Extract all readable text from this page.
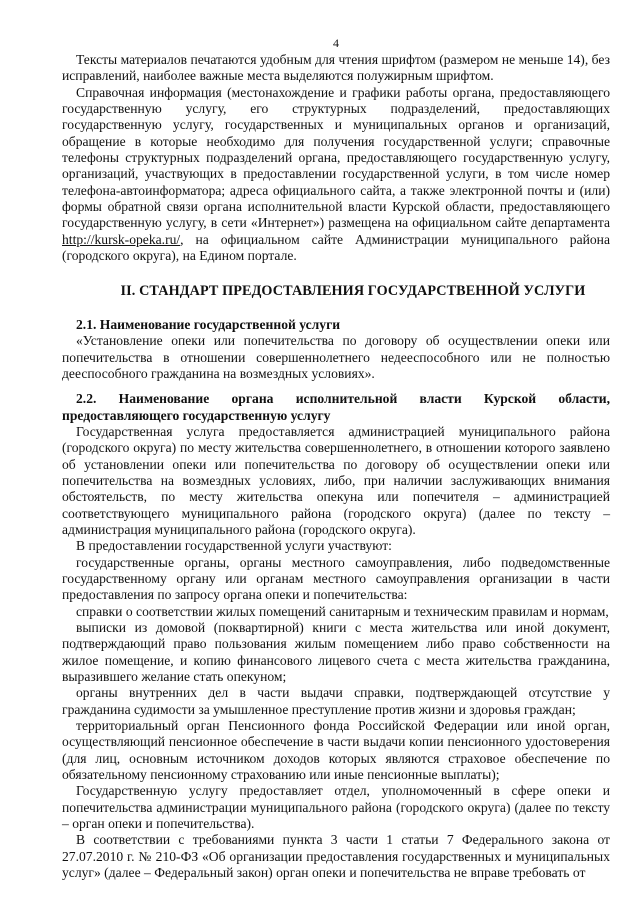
4

Тексты материалов печатаются удобным для чтения шрифтом (размером не меньше 14), без исправлений, наиболее важные места выделяются полужирным шрифтом.

Справочная информация (местонахождение и графики работы органа, предоставляющего государственную услугу, его структурных подразделений, предоставляющих государственную услугу, государственных и муниципальных органов и организаций, обращение в которые необходимо для получения государственной услуги; справочные телефоны структурных подразделений органа, предоставляющего государственную услугу, организаций, участвующих в предоставлении государственной услуги, в том числе номер телефона-автоинформатора; адреса официального сайта, а также электронной почты и (или) формы обратной связи органа исполнительной власти Курской области, предоставляющего государственную услугу, в сети «Интернет») размещена на официальном сайте департамента http://kursk-opeka.ru/, на официальном сайте Администрации муниципального района (городского округа), на Едином портале.

II. СТАНДАРТ ПРЕДОСТАВЛЕНИЯ ГОСУДАРСТВЕННОЙ УСЛУГИ

2.1. Наименование государственной услуги

«Установление опеки или попечительства по договору об осуществлении опеки или попечительства в отношении совершеннолетнего недееспособного или не полностью дееспособного гражданина на возмездных условиях».

2.2.     Наименование     органа     исполнительной     власти     Курской     области,

предоставляющего государственную услугу

Государственная услуга предоставляется администрацией муниципального района (городского округа) по месту жительства совершеннолетнего, в отношении которого заявлено об установлении опеки или попечительства по договору об осуществлении опеки или попечительства на возмездных условиях, либо, при наличии заслуживающих внимания обстоятельств, по месту жительства опекуна или попечителя – администрацией соответствующего муниципального района (городского округа) (далее по тексту – администрация муниципального района (городского округа).

В предоставлении государственной услуги участвуют:

государственные органы, органы местного самоуправления, либо подведомственные государственному органу или органам местного самоуправления организации в части предоставления по запросу органа опеки и попечительства:

справки о соответствии жилых помещений санитарным и техническим правилам и нормам,

выписки из домовой (поквартирной) книги с места жительства или иной документ, подтверждающий право пользования жилым помещением либо право собственности на жилое помещение, и копию финансового лицевого счета с места жительства гражданина, выразившего желание стать опекуном;

органы внутренних дел в части выдачи справки, подтверждающей отсутствие у гражданина судимости за умышленное преступление против жизни и здоровья граждан;

территориальный орган Пенсионного фонда Российской Федерации или иной орган, осуществляющий пенсионное обеспечение в части выдачи копии пенсионного удостоверения (для лиц, основным источником доходов которых являются страховое обеспечение по обязательному пенсионному страхованию или иные пенсионные выплаты);

Государственную услугу предоставляет отдел, уполномоченный в сфере опеки и попечительства администрации муниципального района (городского округа) (далее по тексту – орган опеки и попечительства).

В соответствии с требованиями пункта 3 части 1 статьи 7 Федерального закона от 27.07.2010 г. № 210-ФЗ «Об организации предоставления государственных и муниципальных услуг» (далее – Федеральный закон) орган опеки и попечительства не вправе требовать от
